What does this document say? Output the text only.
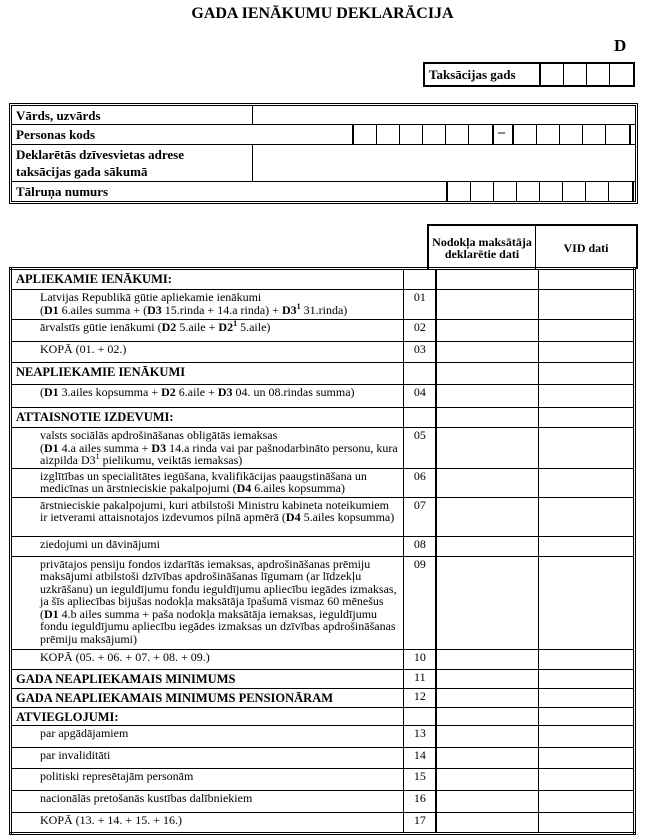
GADA IENĀKUMU DEKLARĀCIJA
D
Taksācijas gads
Vārds, uzvārds
Personas kods	–
Deklarētās dzīvesvietas adrese
taksācijas gada sākumā
Tālruņa numurs
Nodokļa maksātāja deklarētie dati	VID dati
APLIEKAMIE IENĀKUMI:			
Latvijas Republikā gūtie apliekamie ienākumi
(D1 6.ailes summa + (D3 15.rinda + 14.a rinda) + $D3^1$ 31.rinda)	01		
ārvalstīs gūtie ienākumi (D2 5.aile + $D2^1$ 5.aile)	02		
KOPĀ (01. + 02.)	03		
NEAPLIEKAMIE IENĀKUMI			
(D1 3.ailes kopsumma + D2 6.aile + D3 04. un 08.rindas summa)	04		
ATTAISNOTIE IZDEVUMI:			
valsts sociālās apdrošināšanas obligātās iemaksas
(D1 4.a ailes summa + D3 14.a rinda vai par pašnodarbināto personu, kura aizpilda $D3^1$ pielikumu, veiktās iemaksas)	05		
izglītības un specialitātes iegūšana, kvalifikācijas paaugstināšana un medicīnas un ārstnieciskie pakalpojumi (D4 6.ailes kopsumma)	06		
ārstnieciskie pakalpojumi, kuri atbilstoši Ministru kabineta noteikumiem ir ietverami attaisnotajos izdevumos pilnā apmērā (D4 5.ailes kopsumma)	07		
ziedojumi un dāvinājumi	08		
privātajos pensiju fondos izdarītās iemaksas, apdrošināšanas prēmiju maksājumi atbilstoši dzīvības apdrošināšanas līgumam (ar līdzekļu uzkrāšanu) un ieguldījumu fondu ieguldījumu apliecību iegādes izmaksas, ja šīs apliecības bijušas nodokļa maksātāja īpašumā vismaz 60 mēnešus (D1 4.b ailes summa + paša nodokļa maksātāja iemaksas, ieguldījumu fondu ieguldījumu apliecību iegādes izmaksas un dzīvības apdrošināšanas prēmiju maksājumi)	09		
KOPĀ (05. + 06. + 07. + 08. + 09.)	10		
GADA NEAPLIEKAMAIS MINIMUMS	11		
GADA NEAPLIEKAMAIS MINIMUMS PENSIONĀRAM	12		
ATVIEGLOJUMI:			
par apgādājamiem	13		
par invaliditāti	14		
politiski represētajām personām	15		
nacionālās pretošanās kustības dalībniekiem	16		
KOPĀ (13. + 14. + 15. + 16.)	17		
